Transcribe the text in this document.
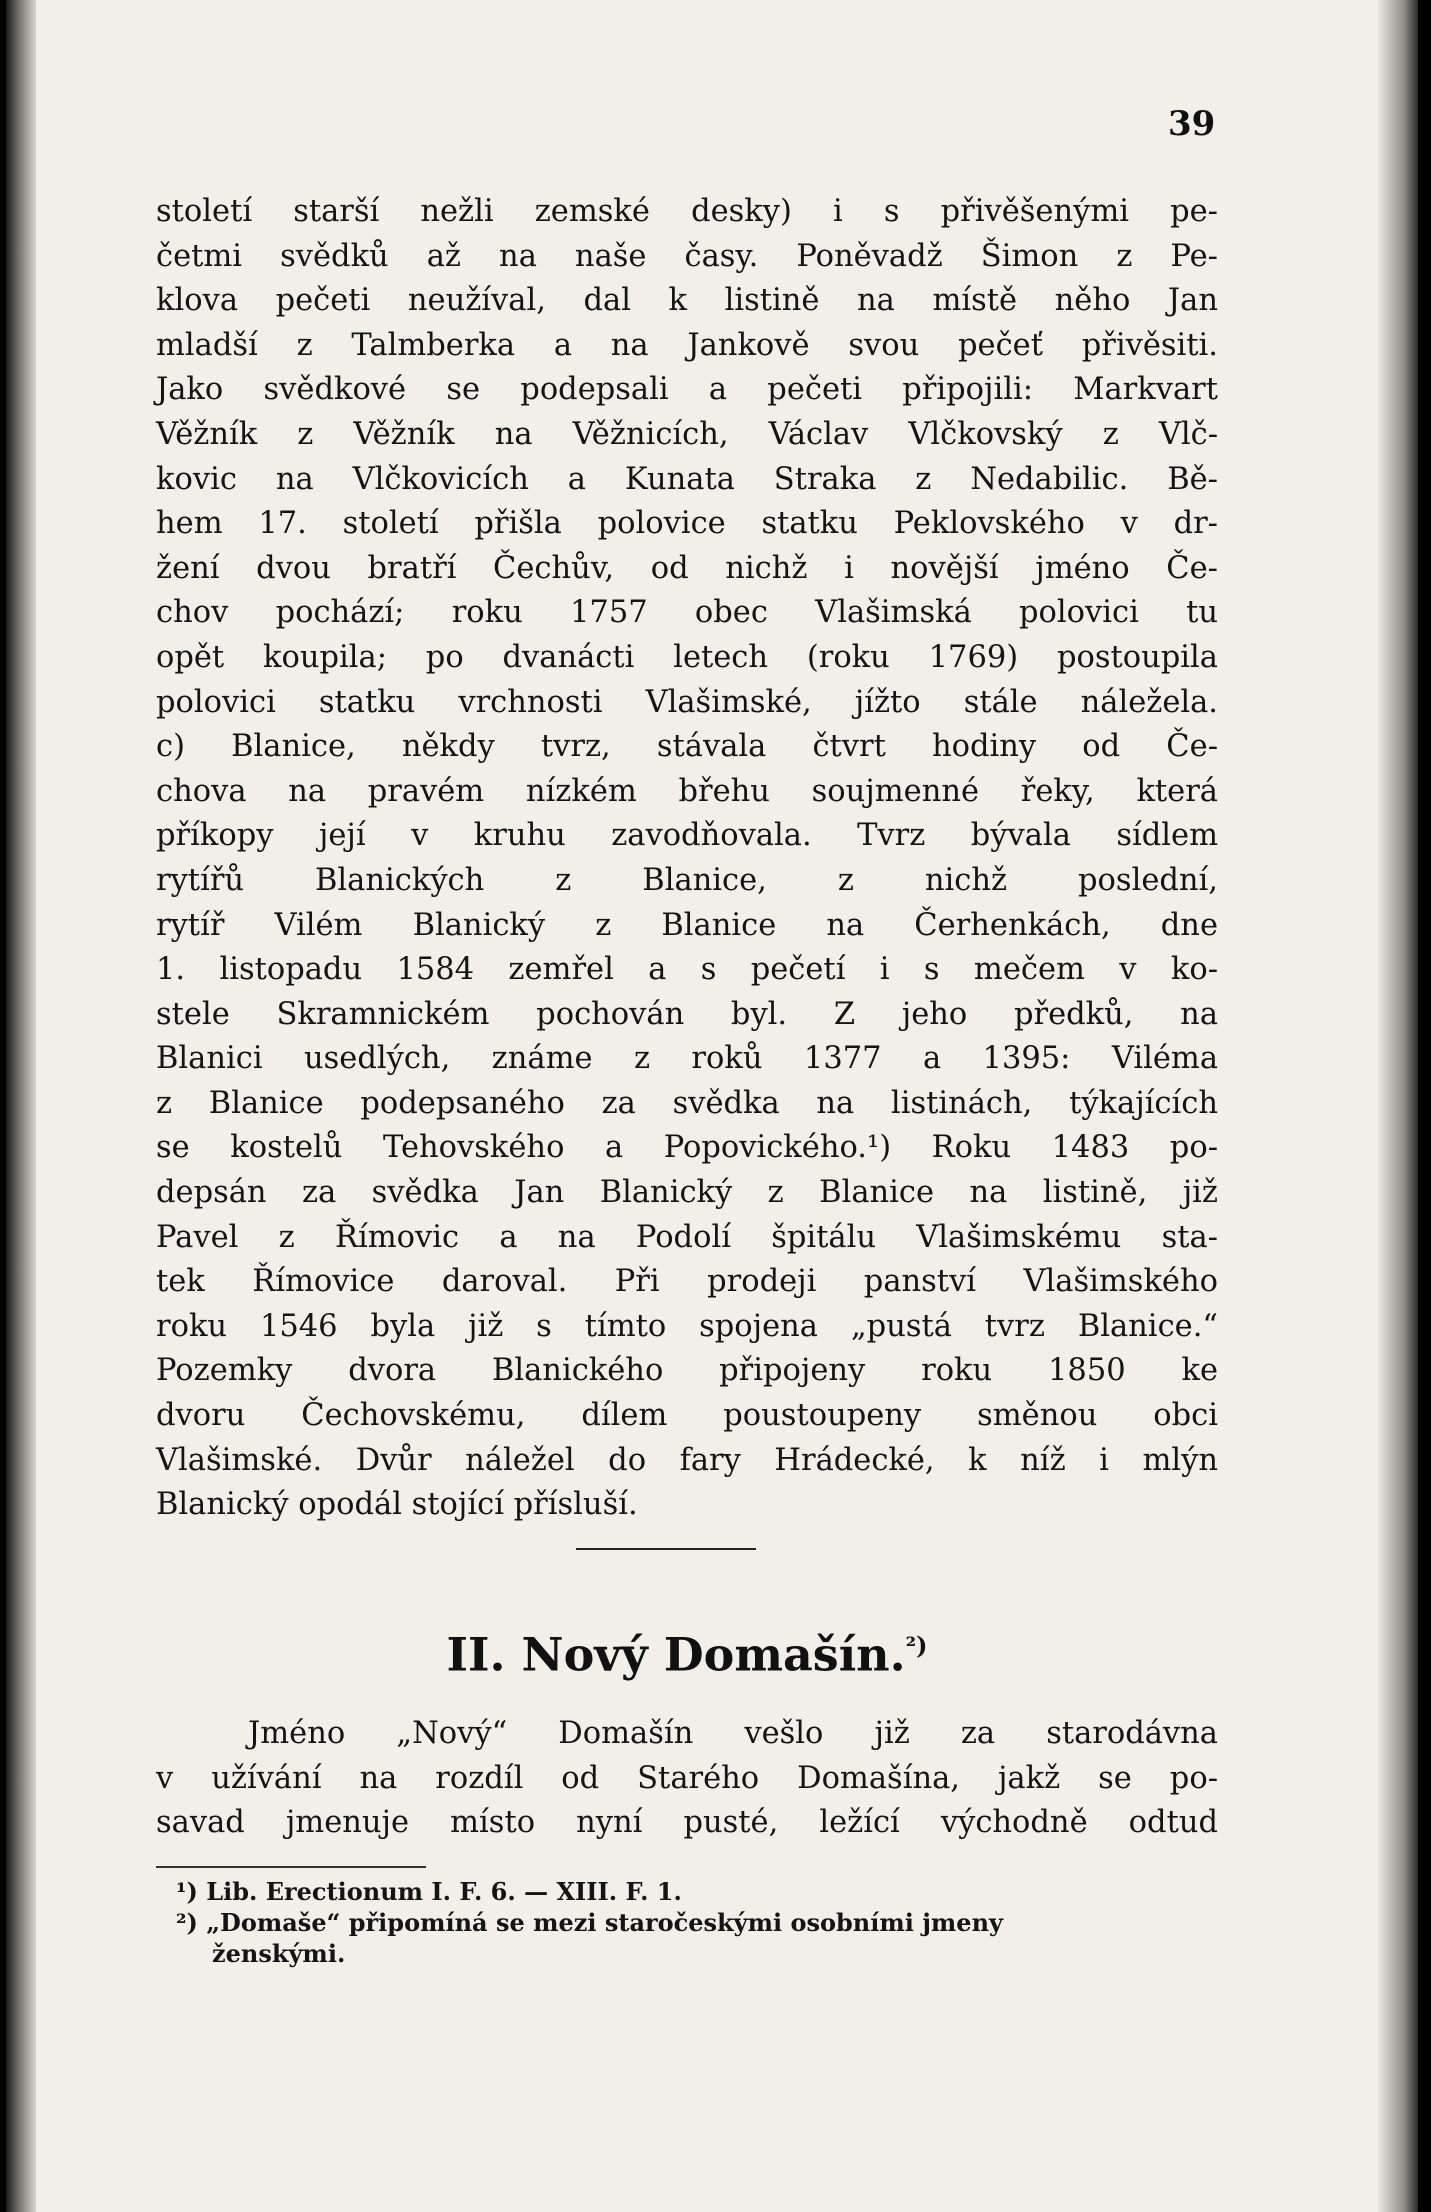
39
století starší nežli zemské desky) i s přivěšenými pe-
četmi svědků až na naše časy. Poněvadž Šimon z Pe-
klova pečeti neužíval, dal k listině na místě něho Jan
mladší z Talmberka a na Jankově svou pečeť přivěsiti.
Jako svědkové se podepsali a pečeti připojili: Markvart
Věžník z Věžník na Věžnicích, Václav Vlčkovský z Vlč-
kovic na Vlčkovicích a Kunata Straka z Nedabilic. Bě-
hem 17. století přišla polovice statku Peklovského v dr-
žení dvou bratří Čechův, od nichž i novější jméno Če-
chov pochází; roku 1757 obec Vlašimská polovici tu
opět koupila; po dvanácti letech (roku 1769) postoupila
polovici statku vrchnosti Vlašimské, jížto stále náležela.
c) Blanice, někdy tvrz, stávala čtvrt hodiny od Če-
chova na pravém nízkém břehu soujmenné řeky, která
příkopy její v kruhu zavodňovala. Tvrz bývala sídlem
rytířů Blanických z Blanice, z nichž poslední,
rytíř Vilém Blanický z Blanice na Čerhenkách, dne
1. listopadu 1584 zemřel a s pečetí i s mečem v ko-
stele Skramnickém pochován byl. Z jeho předků, na
Blanici usedlých, známe z roků 1377 a 1395: Viléma
z Blanice podepsaného za svědka na listinách, týkajících
se kostelů Tehovského a Popovického.¹) Roku 1483 po-
depsán za svědka Jan Blanický z Blanice na listině, již
Pavel z Římovic a na Podolí špitálu Vlašimskému sta-
tek Římovice daroval. Při prodeji panství Vlašimského
roku 1546 byla již s tímto spojena „pustá tvrz Blanice.“
Pozemky dvora Blanického připojeny roku 1850 ke
dvoru Čechovskému, dílem poustoupeny směnou obci
Vlašimské. Dvůr náležel do fary Hrádecké, k níž i mlýn
Blanický opodál stojící přísluší.
II. Nový Domašín.$^{^2)}$
Jméno „Nový“ Domašín vešlo již za starodávna
v užívání na rozdíl od Starého Domašína, jakž se po-
savad jmenuje místo nyní pusté, ležící východně odtud
¹) Lib. Erectionum I. F. 6. — XIII. F. 1.
²) „Domaše“ připomíná se mezi staročeskými osobními jmeny
ženskými.
